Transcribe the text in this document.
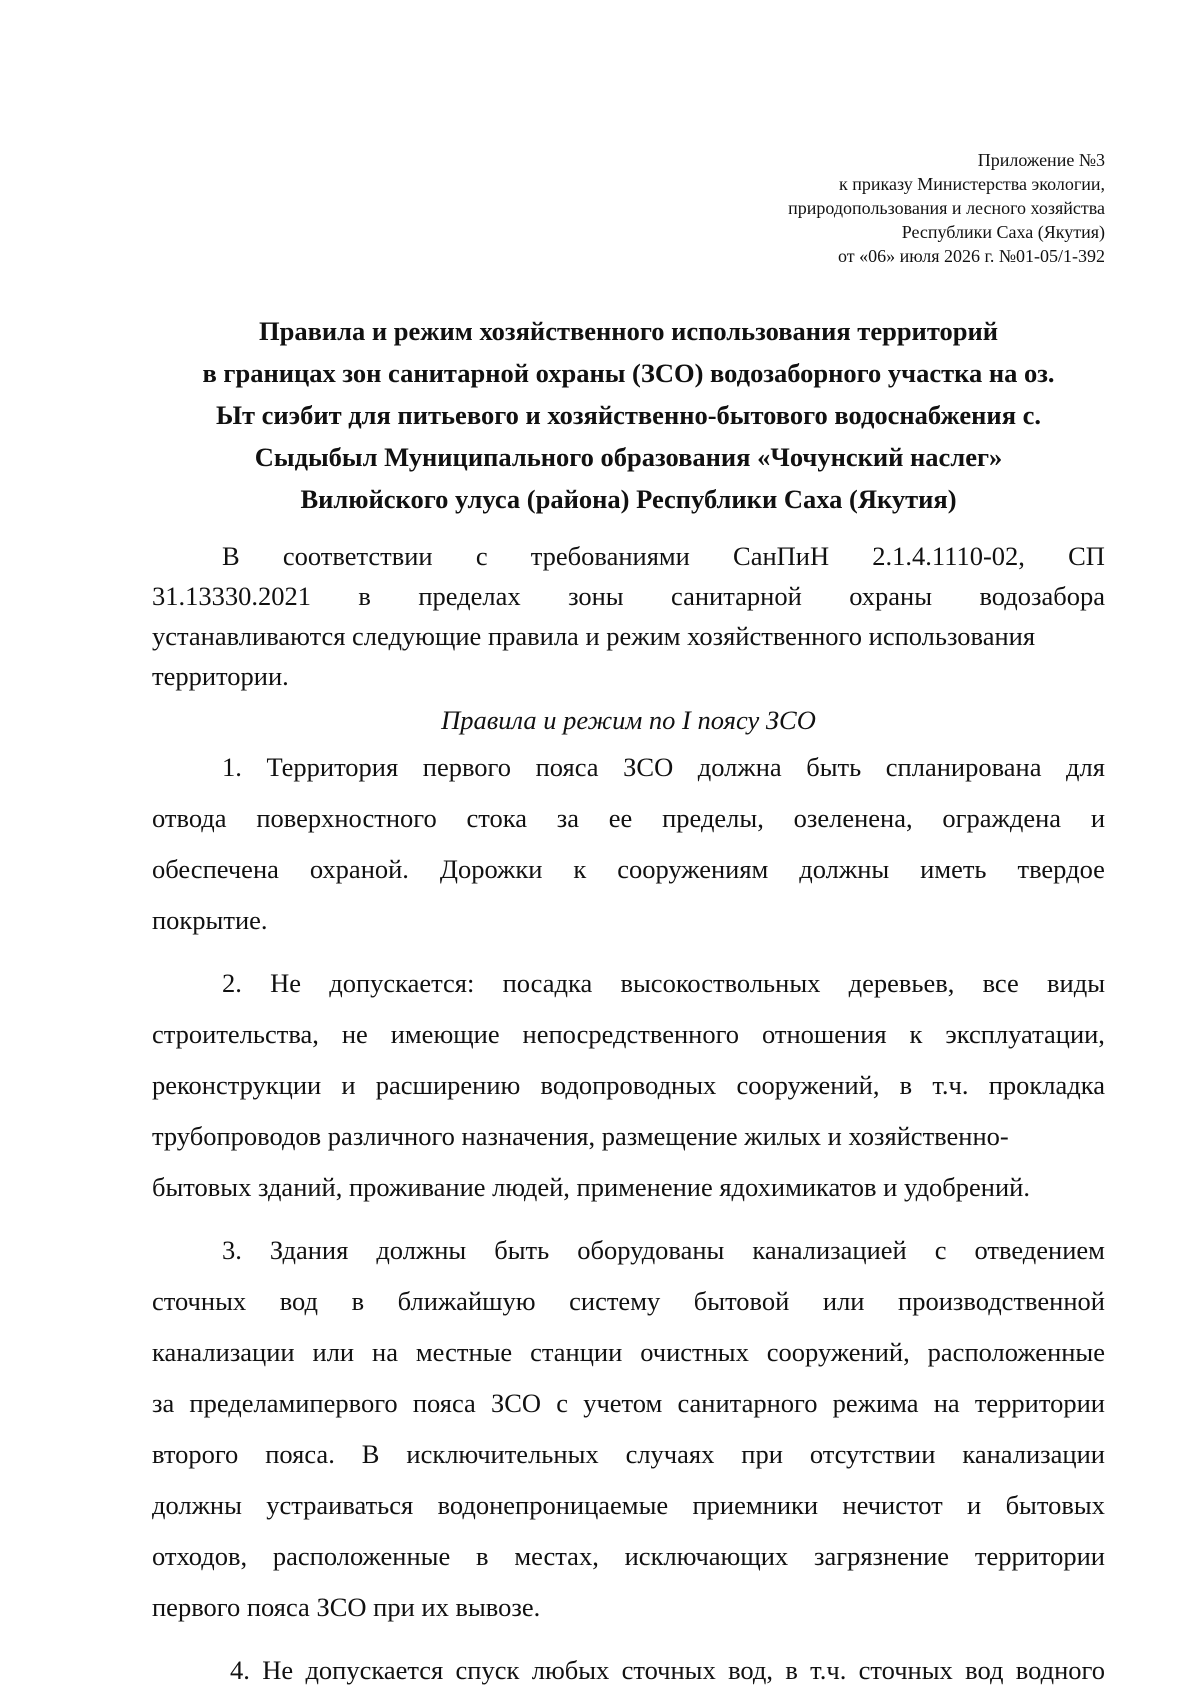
Приложение №3
к приказу Министерства экологии,
природопользования и лесного хозяйства
Республики Саха (Якутия)
от «06» июля 2026 г. №01-05/1-392
Правила и режим хозяйственного использования территорий
в границах зон санитарной охраны (ЗСО) водозаборного участка на оз.
Ыт сиэбит для питьевого и хозяйственно-бытового водоснабжения с.
Сыдыбыл Муниципального образования «Чочунский наслег»
Вилюйского улуса (района) Республики Саха (Якутия)
В соответствии с требованиями СанПиН 2.1.4.1110-02, СП
31.13330.2021 в пределах зоны санитарной охраны водозабора
устанавливаются следующие правила и режим хозяйственного использования
территории.
Правила и режим по I поясу ЗСО
1. Территория первого пояса ЗСО должна быть спланирована для
отвода поверхностного стока за ее пределы, озеленена, ограждена и
обеспечена охраной. Дорожки к сооружениям должны иметь твердое
покрытие.
2. Не допускается: посадка высокоствольных деревьев, все виды
строительства, не имеющие непосредственного отношения к эксплуатации,
реконструкции и расширению водопроводных сооружений, в т.ч. прокладка
трубопроводов различного назначения, размещение жилых и хозяйственно-
бытовых зданий, проживание людей, применение ядохимикатов и удобрений.
3. Здания должны быть оборудованы канализацией с отведением
сточных вод в ближайшую систему бытовой или производственной
канализации или на местные станции очистных сооружений, расположенные
за пределамипервого пояса ЗСО с учетом санитарного режима на территории
второго пояса. В исключительных случаях при отсутствии канализации
должны устраиваться водонепроницаемые приемники нечистот и бытовых
отходов, расположенные в местах, исключающих загрязнение территории
первого пояса ЗСО при их вывозе.
4. Не допускается спуск любых сточных вод, в т.ч. сточных вод водного
